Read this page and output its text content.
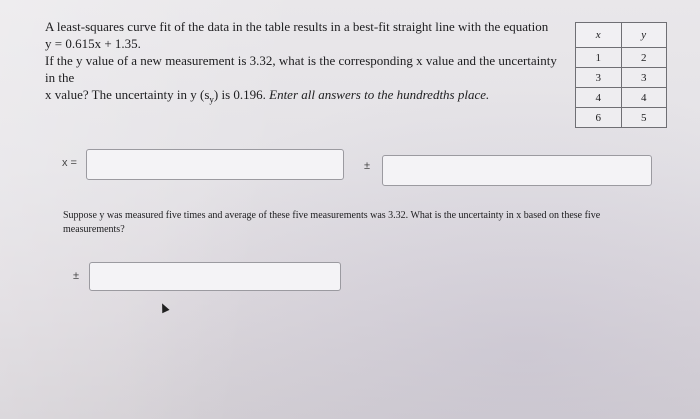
A least-squares curve fit of the data in the table results in a best-fit straight line with the equation

y = 0.615x + 1.35.

If the y value of a new measurement is 3.32, what is the corresponding x value and the uncertainty in the

x value? The uncertainty in y $(s_y)$ is 0.196. Enter all answers to the hundredths place.

x	y
1	2
3	3
4	4
6	5
x =	±
Suppose y was measured five times and average of these five measurements was 3.32. What is the uncertainty in x based on these five measurements?
±
